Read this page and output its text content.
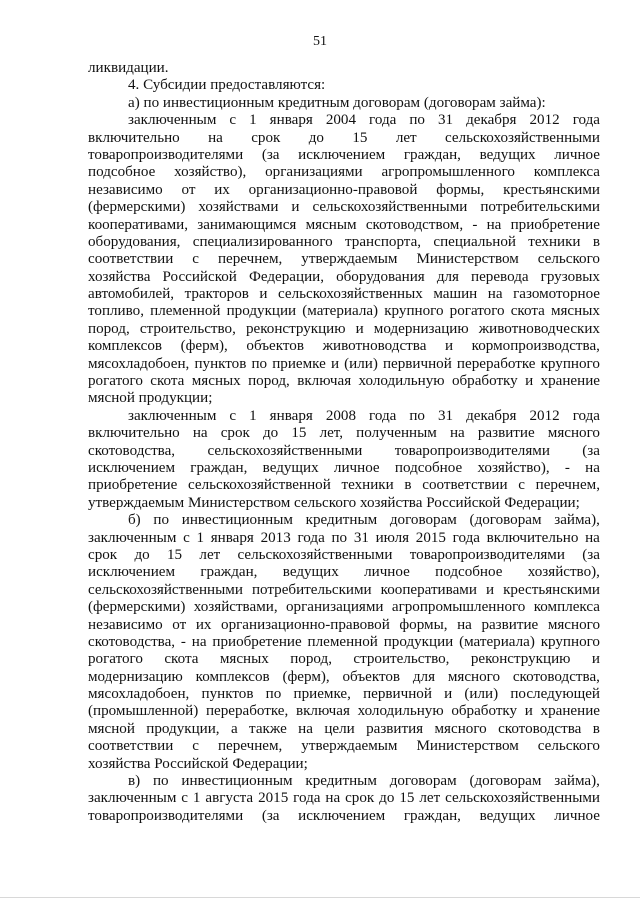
51
ликвидации.
4. Субсидии предоставляются:
а) по инвестиционным кредитным договорам (договорам займа):
заключенным с 1 января 2004 года по 31 декабря 2012 года
включительно на срок до 15 лет сельскохозяйственными
товаропроизводителями (за исключением граждан, ведущих личное
подсобное хозяйство), организациями агропромышленного комплекса
независимо от их организационно-правовой формы, крестьянскими
(фермерскими) хозяйствами и сельскохозяйственными потребительскими
кооперативами, занимающимся мясным скотоводством, - на приобретение
оборудования, специализированного транспорта, специальной техники в
соответствии с перечнем, утверждаемым Министерством сельского
хозяйства Российской Федерации, оборудования для перевода грузовых
автомобилей, тракторов и сельскохозяйственных машин на газомоторное
топливо, племенной продукции (материала) крупного рогатого скота мясных
пород, строительство, реконструкцию и модернизацию животноводческих
комплексов (ферм), объектов животноводства и кормопроизводства,
мясохладобоен, пунктов по приемке и (или) первичной переработке крупного
рогатого скота мясных пород, включая холодильную обработку и хранение
мясной продукции;
заключенным с 1 января 2008 года по 31 декабря 2012 года
включительно на срок до 15 лет, полученным на развитие мясного
скотоводства, сельскохозяйственными товаропроизводителями (за
исключением граждан, ведущих личное подсобное хозяйство), - на
приобретение сельскохозяйственной техники в соответствии с перечнем,
утверждаемым Министерством сельского хозяйства Российской Федерации;
б) по инвестиционным кредитным договорам (договорам займа),
заключенным с 1 января 2013 года по 31 июля 2015 года включительно на
срок до 15 лет сельскохозяйственными товаропроизводителями (за
исключением граждан, ведущих личное подсобное хозяйство),
сельскохозяйственными потребительскими кооперативами и крестьянскими
(фермерскими) хозяйствами, организациями агропромышленного комплекса
независимо от их организационно-правовой формы, на развитие мясного
скотоводства, - на приобретение племенной продукции (материала) крупного
рогатого скота мясных пород, строительство, реконструкцию и
модернизацию комплексов (ферм), объектов для мясного скотоводства,
мясохладобоен, пунктов по приемке, первичной и (или) последующей
(промышленной) переработке, включая холодильную обработку и хранение
мясной продукции, а также на цели развития мясного скотоводства в
соответствии с перечнем, утверждаемым Министерством сельского
хозяйства Российской Федерации;
в) по инвестиционным кредитным договорам (договорам займа),
заключенным с 1 августа 2015 года на срок до 15 лет сельскохозяйственными
товаропроизводителями (за исключением граждан, ведущих личное
